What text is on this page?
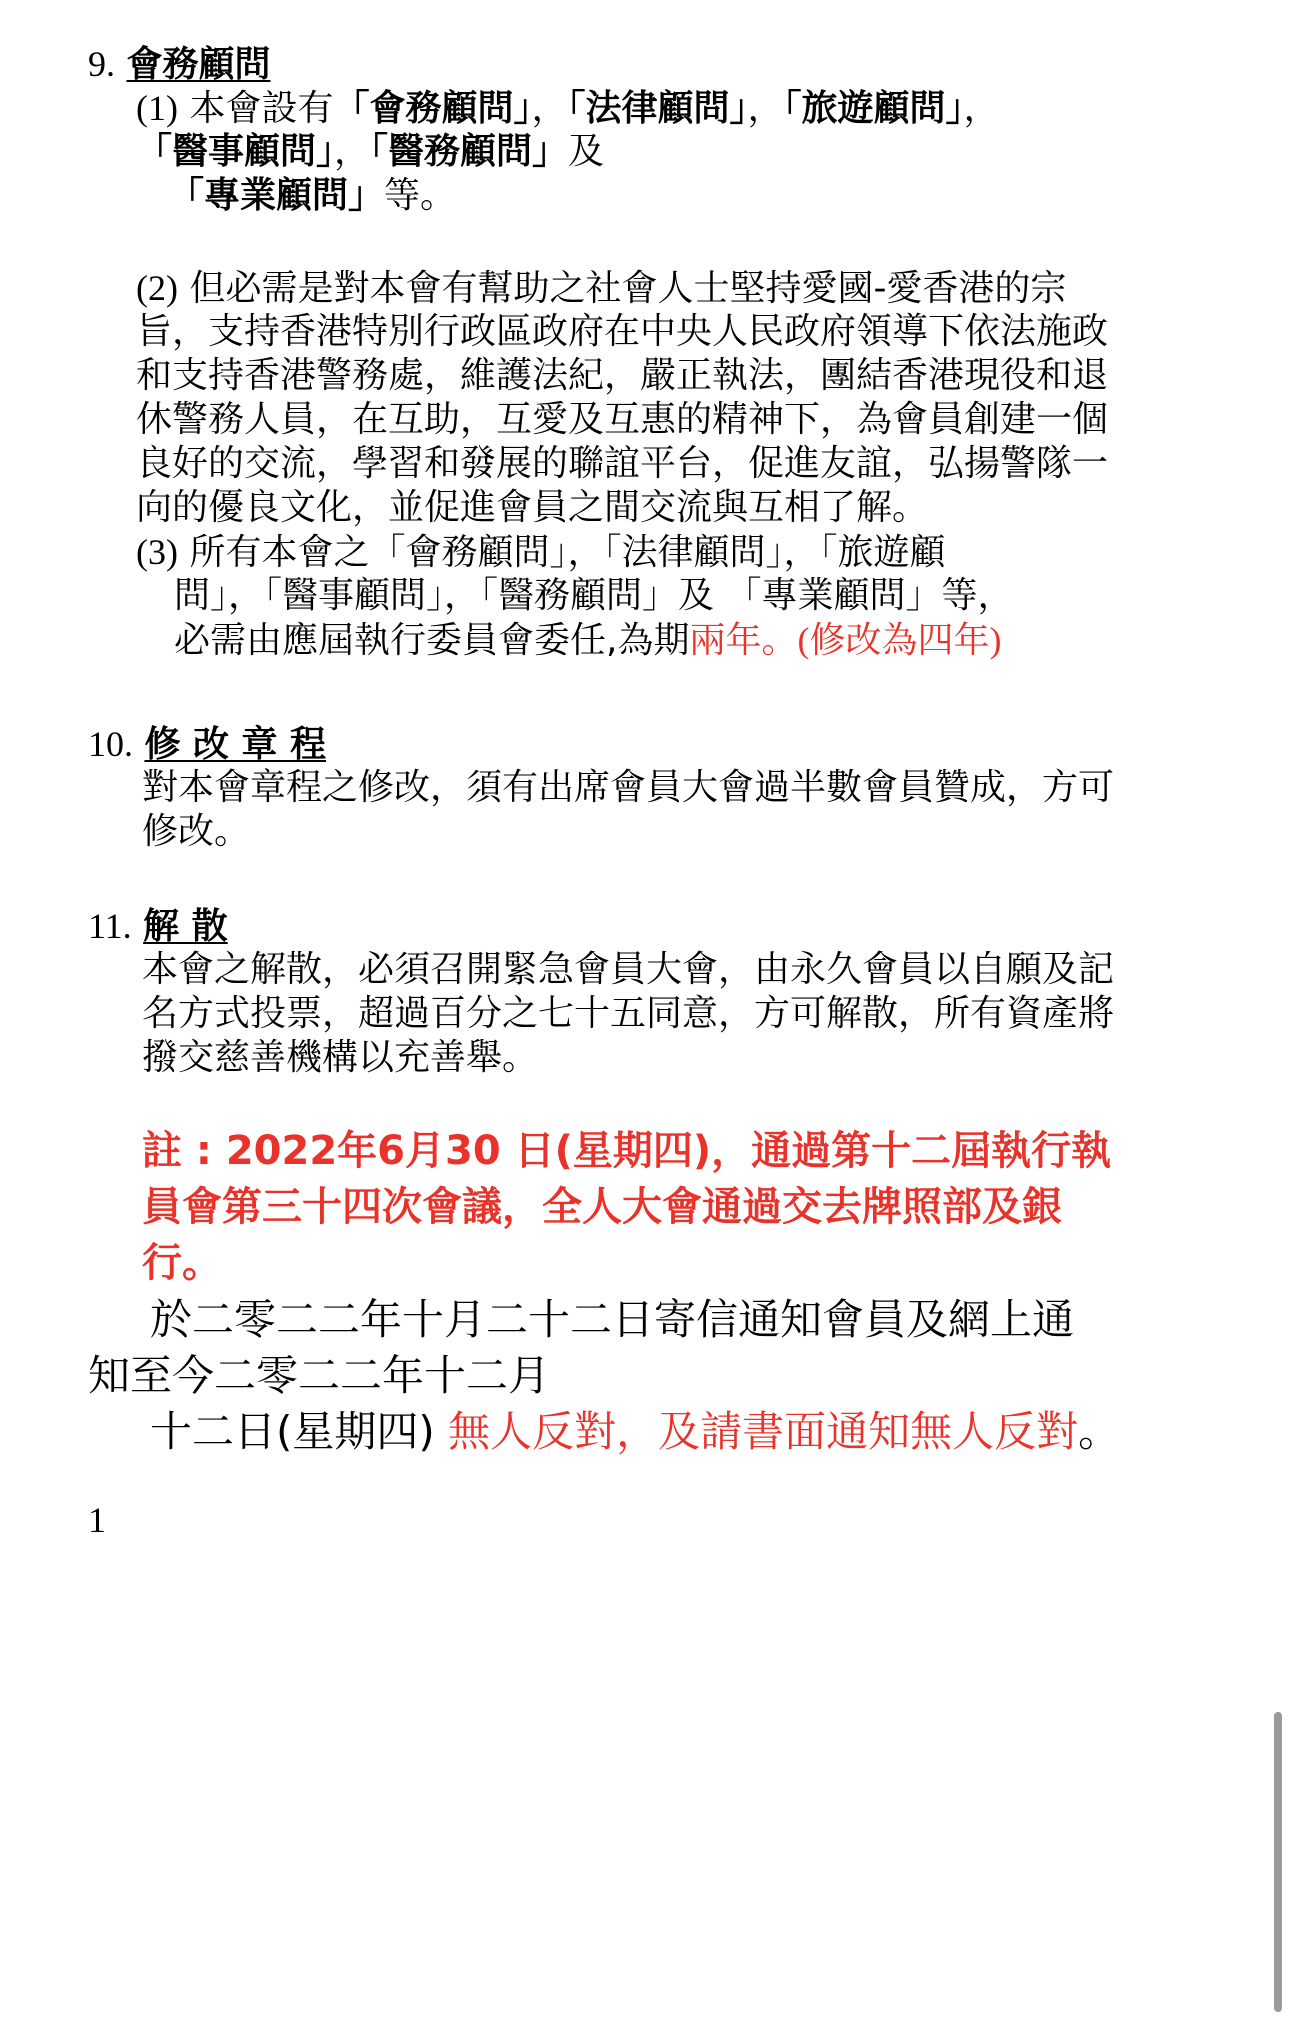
9. 會務顧問
(1) 本會設有「會務顧問」，「法律顧問」，「旅遊顧問」，
「醫事顧問」，「醫務顧問」及
「專業顧問」等。
(2) 但必需是對本會有幫助之社會人士堅持愛國-愛香港的宗
旨，支持香港特別行政區政府在中央人民政府領導下依法施政
和支持香港警務處，維護法紀，嚴正執法，團結香港現役和退
休警務人員，在互助，互愛及互惠的精神下，為會員創建一個
良好的交流，學習和發展的聯誼平台，促進友誼，弘揚警隊一
向的優良文化，並促進會員之間交流與互相了解。
(3) 所有本會之「會務顧問」，「法律顧問」，「旅遊顧
問」，「醫事顧問」，「醫務顧問」及 「專業顧問」等，
必需由應屆執行委員會委任,為期兩年。(修改為四年)
10. 修 改 章 程
對本會章程之修改，須有出席會員大會過半數會員贊成，方可
修改。
11. 解 散
本會之解散，必須召開緊急會員大會，由永久會員以自願及記
名方式投票，超過百分之七十五同意，方可解散，所有資產將
撥交慈善機構以充善舉。
註 : 2022年6月30 日(星期四)，通過第十二屆執行執
員會第三十四次會議，全人大會通過交去牌照部及銀
行。
於二零二二年十月二十二日寄信通知會員及網上通
知至今二零二二年十二月
十二日(星期四) 無人反對，及請書面通知無人反對。
1
